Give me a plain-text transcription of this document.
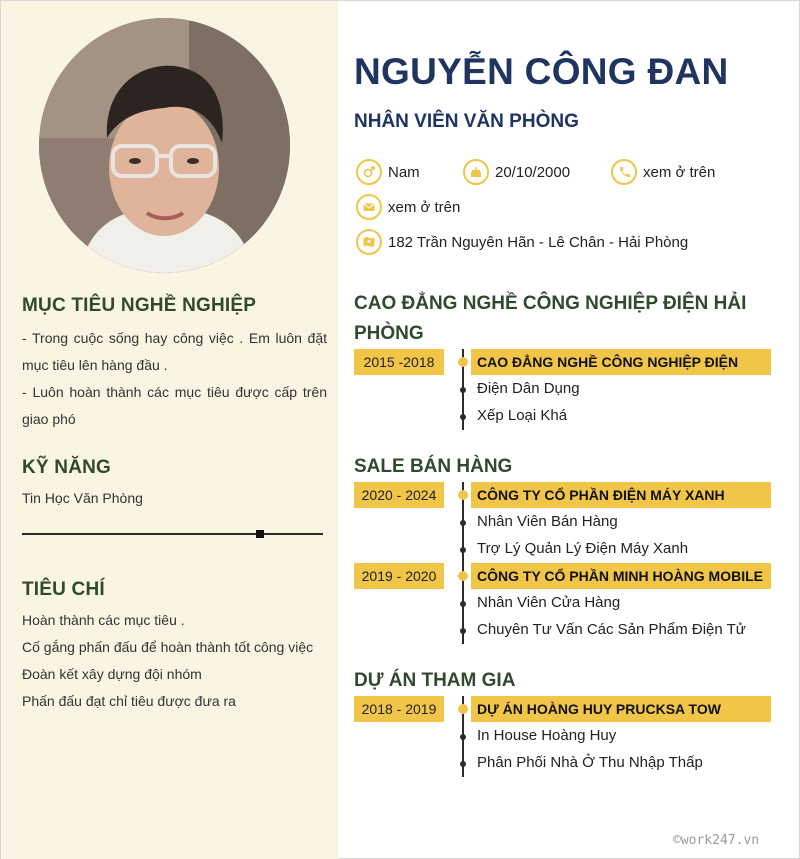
MỤC TIÊU NGHỀ NGHIỆP

- Trong cuộc sống hay công việc . Em luôn đặt mục tiêu lên hàng đầu .

- Luôn hoàn thành các mục tiêu được cấp trên giao phó

KỸ NĂNG
Tin Học Văn Phòng
TIÊU CHÍ

Hoàn thành các mục tiêu .

Cố gắng phấn đấu để hoàn thành tốt công việc

Đoàn kết xây dựng đội nhóm

Phấn đấu đạt chỉ tiêu được đưa ra

NGUYỄN CÔNG ĐAN
NHÂN VIÊN VĂN PHÒNG
Nam	20/10/2000	xem ở trên
xem ở trên
182 Trần Nguyên Hãn - Lê Chân - Hải Phòng
CAO ĐẲNG NGHỀ CÔNG NGHIỆP ĐIỆN HẢI PHÒNG
2015 -2018	CAO ĐẲNG NGHỀ CÔNG NGHIỆP ĐIỆN
Điện Dân Dụng
Xếp Loại Khá
SALE BÁN HÀNG
2020 - 2024	CÔNG TY CỔ PHẦN ĐIỆN MÁY XANH
Nhân Viên Bán Hàng
Trợ Lý Quản Lý Điện Máy Xanh
2019 - 2020	CÔNG TY CỔ PHẦN MINH HOÀNG MOBILE
Nhân Viên Cửa Hàng
Chuyên Tư Vấn Các Sản Phẩm Điện Tử
DỰ ÁN THAM GIA
2018 - 2019	DỰ ÁN HOÀNG HUY PRUCKSA TOW
In House Hoàng Huy
Phân Phối Nhà Ở Thu Nhập Thấp
©work247.vn
